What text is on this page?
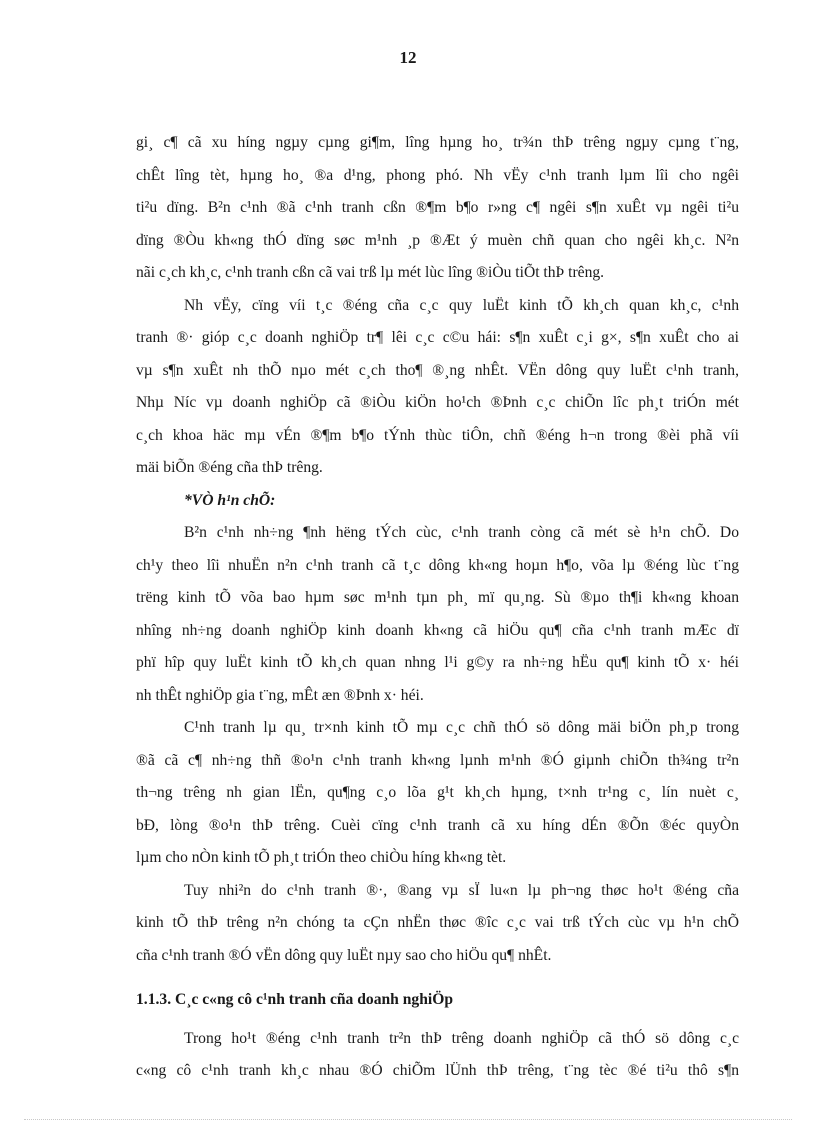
12
gi¸ c¶ cã xu híng ngµy cµng gi¶m, lîng hµng ho¸ tr¾n thÞ trêng ngµy cµng t¨ng,
chÊt lîng tèt, hµng ho¸ ®a d¹ng, phong phó. Nh vËy c¹nh tranh lµm lîi cho ngêi
ti²u dïng. B²n c¹nh ®ã c¹nh tranh cßn ®¶m b¶o r»ng c¶ ngêi s¶n xuÊt vµ ngêi ti²u
dïng ®Òu kh«ng thÓ dïng søc m¹nh ¸p ®Æt ý muèn chñ quan cho ngêi kh¸c. N²n
nãi c¸ch kh¸c, c¹nh tranh cßn cã vai trß lµ mét lùc lîng ®iÒu tiÕt thÞ trêng.
Nh vËy, cïng víi t¸c ®éng cña c¸c quy luËt kinh tÕ kh¸ch quan kh¸c, c¹nh
tranh ®· gióp c¸c doanh nghiÖp tr¶ lêi c¸c c©u hái: s¶n xuÊt c¸i g×, s¶n xuÊt cho ai
vµ s¶n xuÊt nh thÕ nµo mét c¸ch tho¶ ®¸ng nhÊt. VËn dông quy luËt c¹nh tranh,
Nhµ Níc vµ doanh nghiÖp cã ®iÒu kiÖn ho¹ch ®Þnh c¸c chiÕn lîc ph¸t triÓn mét
c¸ch khoa häc mµ vÉn ®¶m b¶o tÝnh thùc tiÔn, chñ ®éng h¬n trong ®èi phã víi
mäi biÕn ®éng cña thÞ trêng.
*VÒ h¹n chÕ:
B²n c¹nh nh÷ng ¶nh hëng tÝch cùc, c¹nh tranh còng cã mét sè h¹n chÕ. Do
ch¹y theo lîi nhuËn n²n c¹nh tranh cã t¸c dông kh«ng hoµn h¶o, võa lµ ®éng lùc t¨ng
trëng kinh tÕ võa bao hµm søc m¹nh tµn ph¸ mï qu¸ng. Sù ®µo th¶i kh«ng khoan
nhîng nh÷ng doanh nghiÖp kinh doanh kh«ng cã hiÖu qu¶ cña c¹nh tranh mÆc dï
phï hîp quy luËt kinh tÕ kh¸ch quan nhng l¹i g©y ra nh÷ng hËu qu¶ kinh tÕ x· héi
nh thÊt nghiÖp gia t¨ng, mÊt æn ®Þnh x· héi.
C¹nh tranh lµ qu¸ tr×nh kinh tÕ mµ c¸c chñ thÓ sö dông mäi biÖn ph¸p trong
®ã cã c¶ nh÷ng thñ ®o¹n c¹nh tranh kh«ng lµnh m¹nh ®Ó giµnh chiÕn th¾ng tr²n
th¬ng trêng nh gian lËn, qu¶ng c¸o lõa g¹t kh¸ch hµng, t×nh tr¹ng c¸ lín nuèt c¸
bÐ, lòng ®o¹n thÞ trêng. Cuèi cïng c¹nh tranh cã xu híng dÉn ®Õn ®éc quyÒn
lµm cho nÒn kinh tÕ ph¸t triÓn theo chiÒu híng kh«ng tèt.
Tuy nhi²n do c¹nh tranh ®·, ®ang vµ sÏ lu«n lµ ph¬ng thøc ho¹t ®éng cña
kinh tÕ thÞ trêng n²n chóng ta cÇn nhËn thøc ®îc c¸c vai trß tÝch cùc vµ h¹n chÕ
cña c¹nh tranh ®Ó vËn dông quy luËt nµy sao cho hiÖu qu¶ nhÊt.
1.1.3. C¸c c«ng cô c¹nh tranh cña doanh nghiÖp
Trong ho¹t ®éng c¹nh tranh tr²n thÞ trêng doanh nghiÖp cã thÓ sö dông c¸c
c«ng cô c¹nh tranh kh¸c nhau ®Ó chiÕm lÜnh thÞ trêng, t¨ng tèc ®é ti²u thô s¶n
